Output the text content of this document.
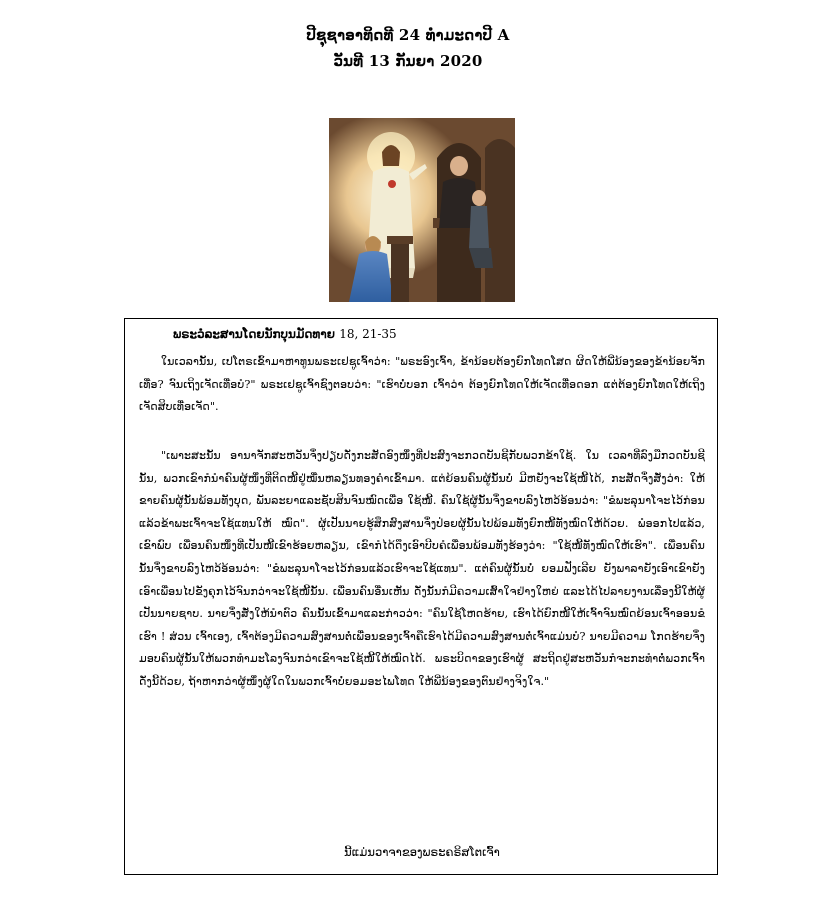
ປີຊຸຊາອາທິດທີ 24 ທຳມະດາປີ A
ວັນທີ 13 ກັນຍາ 2020
ພຣະວໍລະສານໂດຍນັກບຸນມັດທາຍ 18, 21-35

ໃນເວລານັ້ນ, ເປໂຕຣເຂົ້າມາຫາທູນພຣະເຢຊູເຈົ້າວ່າ: "ພຣະອົງເຈົ້າ, ຂ້ານ້ອຍຕ້ອງຍົກໂທດໂສດ ຜິດໃຫ້ພີ່ນ້ອງຂອງຂ້ານ້ອຍຈັກເທື່ອ? ຈົນເຖິງເຈັດເທື່ອບໍ?" ພຣະເຢຊູເຈົ້າຊົງຕອບວ່າ: "ເຮົາບໍ່ບອກ ເຈົ້າວ່າ ຕ້ອງຍົກໂທດໃຫ້ເຈັດເທື່ອດອກ ແຕ່ຕ້ອງຍົກໂທດໃຫ້ເຖິງເຈັດສິບເທື່ອເຈັດ".

"ເພາະສະນັ້ນ ອານາຈັກສະຫວັນຈຶ່ງປຽບດັ່ງກະສັດອົງໜຶ່ງທີ່ປະສົງຈະກວດບັນຊີກັບພວກຂ້າໃຊ້. ໃນ ເວລາທີ່ລົງມືກວດບັນຊີນັ້ນ, ພວກເຂົາກໍນຳຄົນຜູ້ໜຶ່ງທີ່ຕິດໜີ້ຢູ່ໝື່ນຫລຽນທອງຄຳເຂົ້າມາ. ແຕ່ຍ້ອນຄົນຜູ້ນັ້ນບໍ່ ມີຫຍັງຈະໃຊ້ໜີ້ໄດ້, ກະສັດຈຶ່ງສັ່ງວ່າ: ໃຫ້ຂາຍຄົນຜູ້ນັ້ນພ້ອມທັງບຸດ, ພັນລະຍາແລະຊັບສິນຈົນໝົດເພື່ອ ໃຊ້ໜີ້. ຄົນໃຊ້ຜູ້ນັ້ນຈຶ່ງຂາບລົງໄຫວ້ອ້ອນວ່າ: "ຂໍພະລຸນາໂຈະໄວ້ກ່ອນ ແລ້ວຂ້າພະເຈົ້າຈະໃຊ້ແທນໃຫ້ ໝົດ". ຜູ້ເປັນນາຍຮູ້ສຶກສົງສານຈຶ່ງປ່ອຍຜູ້ນັ້ນໄປພ້ອມທັງຍົກໜີ້ທັງໝົດໃຫ້ດ້ວຍ. ພໍອອກໄປແລ້ວ, ເຂົາພົບ ເພື່ອນຄົນໜຶ່ງທີ່ເປັນໜີ້ເຂົາຮ້ອຍຫລຽນ, ເຂົາກໍໄດ້ດຶງເອົາບີບຄໍເພື່ອນພ້ອມທັງຮ້ອງວ່າ: "ໃຊ້ໜີ້ທັງໝົດໃຫ້ເຮົາ". ເພື່ອນຄົນນັ້ນຈຶ່ງຂາບລົງໄຫວ້ອ້ອນວ່າ: "ຂໍພະລຸນາໂຈະໄວ້ກ່ອນແລ້ວເຮົາຈະໃຊ້ແທນ". ແຕ່ຄົນຜູ້ນັ້ນບໍ່ ຍອມຟັງເລີຍ ຍັງພາລາຍັງເອົາເຂົາຍັງເອົາເພື່ອນໄປຂັງຄຸກໄວ້ຈົນກວ່າຈະໃຊ້ໜີ້ນັ້ນ. ເພື່ອນຄົນອື່ນເຫັນ ດັ່ງນັ້ນກໍມີຄວາມເສົ້າໃຈຢ່າງໃຫຍ່ ແລະໄດ້ໄປລາຍງານເລື່ອງນີ້ໃຫ້ຜູ້ເປັນນາຍຊາບ. ນາຍຈຶ່ງສັ່ງໃຫ້ນຳຕົວ ຄົນນັ້ນເຂົ້າມາແລະກ່າວວ່າ: "ຄົນໃຊ້ໂຫດຮ້າຍ, ເຮົາໄດ້ຍົກໜີ້ໃຫ້ເຈົ້າຈົນໝົດຍ້ອນເຈົ້າອອນຂໍເຮົາ ! ສ່ວນ ເຈົ້າເອງ, ເຈົ້າຕ້ອງມີຄວາມສົງສານຕໍ່ເພື່ອນຂອງເຈົ້າຄືເຮົາໄດ້ມີຄວາມສົງສານຕໍ່ເຈົ້າແມ່ນບໍ? ນາຍມີຄວາມ ໂກດຮ້າຍຈຶ່ງມອບຄົນຜູ້ນັ້ນໃຫ້ພວກທຳມະໂລງຈົນກວ່າເຂົາຈະໃຊ້ໜີ້ໃຫ້ໝົດໄດ້. ພຣະບິດາຂອງເຮົາຜູ້ ສະຖິດຢູ່ສະຫວັນກໍຈະກະທຳຕໍ່ພວກເຈົ້າດັ່ງນີ້ດ້ວຍ, ຖ້າຫາກວ່າຜູ້ໜຶ່ງຜູ້ໃດໃນພວກເຈົ້າບໍ່ຍອມອະໄພໂທດ ໃຫ້ພີ່ນ້ອງຂອງຕົນຢ່າງຈິງໃຈ."

ນີ້ແມ່ນວາຈາຂອງພຣະຄຣິສໂຕເຈົ້າ
